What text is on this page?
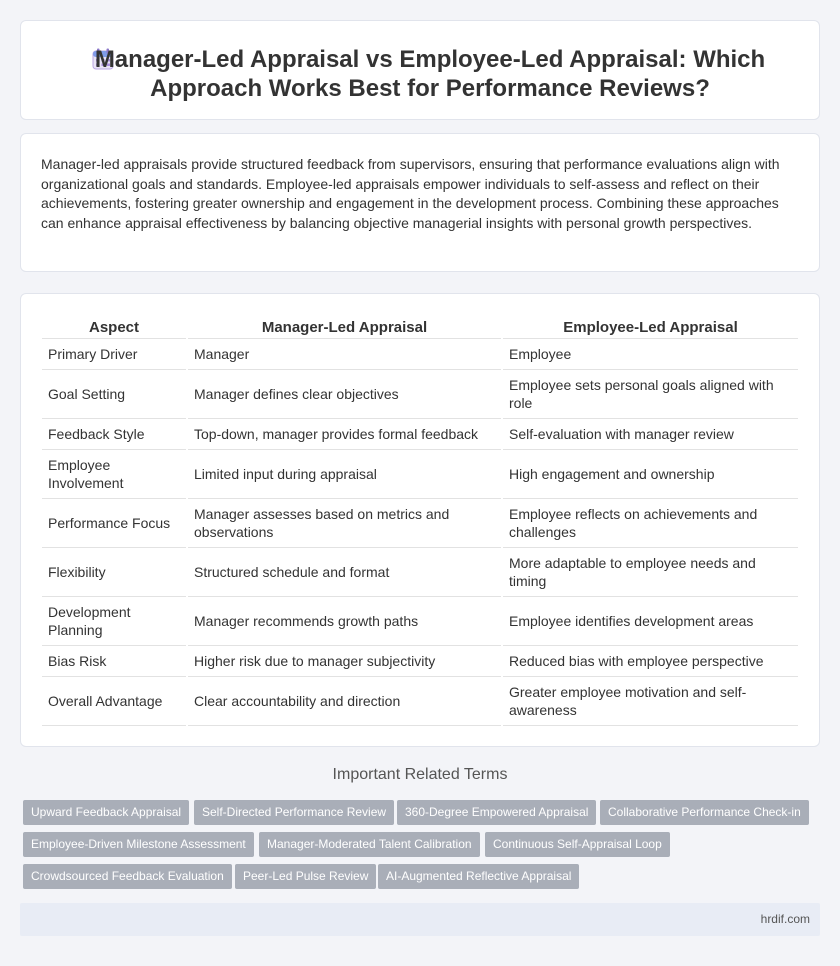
Manager-Led Appraisal vs Employee-Led Appraisal: Which Approach Works Best for Performance Reviews?

Manager-led appraisals provide structured feedback from supervisors, ensuring that performance evaluations align with organizational goals and standards. Employee-led appraisals empower individuals to self-assess and reflect on their achievements, fostering greater ownership and engagement in the development process. Combining these approaches can enhance appraisal effectiveness by balancing objective managerial insights with personal growth perspectives.

Aspect	Manager-Led Appraisal	Employee-Led Appraisal
Primary Driver	Manager	Employee
Goal Setting	Manager defines clear objectives	Employee sets personal goals aligned with role
Feedback Style	Top-down, manager provides formal feedback	Self-evaluation with manager review
Employee Involvement	Limited input during appraisal	High engagement and ownership
Performance Focus	Manager assesses based on metrics and observations	Employee reflects on achievements and challenges
Flexibility	Structured schedule and format	More adaptable to employee needs and timing
Development Planning	Manager recommends growth paths	Employee identifies development areas
Bias Risk	Higher risk due to manager subjectivity	Reduced bias with employee perspective
Overall Advantage	Clear accountability and direction	Greater employee motivation and self-awareness
Important Related Terms
Upward Feedback Appraisal	Self-Directed Performance Review	360-Degree Empowered Appraisal	Collaborative Performance Check-in
Employee-Driven Milestone Assessment	Manager-Moderated Talent Calibration	Continuous Self-Appraisal Loop
Crowdsourced Feedback Evaluation	Peer-Led Pulse Review	AI-Augmented Reflective Appraisal
hrdif.com
